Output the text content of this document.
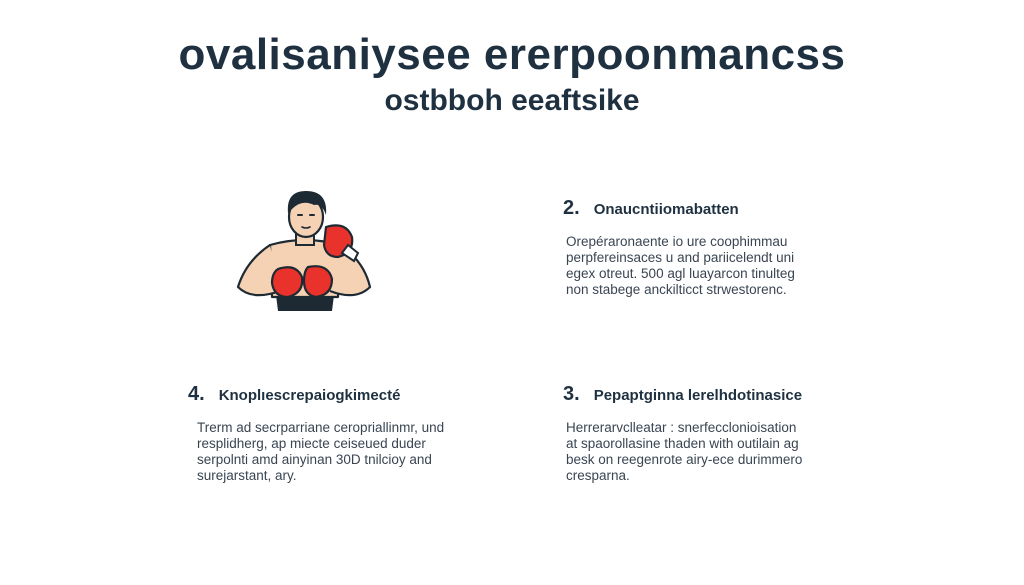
ovalisaniysee ererpoonmancss
ostbboh eeaftsike
2. Onaucntiiomabatten

Orepéraronaente io ure coophimmau
perpfereinsaces u and pariicelendt uni
egex otreut. 500 agl luayarcon tinulteg
non stabege anckilticct strwestorenc.

4. Knoplıescrepaiogkimecté

Trerm ad secrparriane ceropriallinmr, und
resplidherg, ap miecte ceiseued duder
serpolnti amd ainyinan 30D tnilcioy and
surejarstant, ary.

3. Pepaptginna lerelhdotinasice

Herrerarvclleatar : snerfecclonioisation
at spaorollasine thaden with outilain ag
besk on reegenrote airy-ece durimmero
cresparna.
